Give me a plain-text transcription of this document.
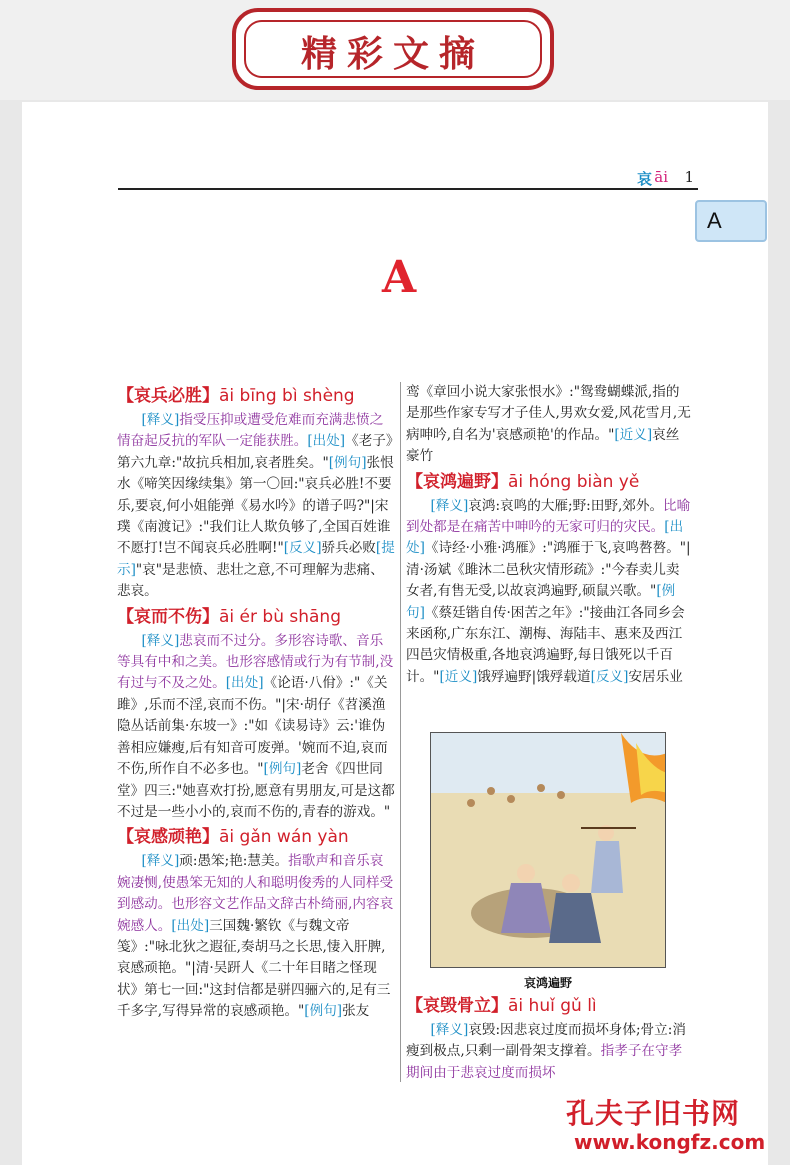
精彩文摘
哀 āi 1
A
A
【哀兵必胜】āi bīng bì shèng
[释义]指受压抑或遭受危难而充满悲愤之情奋起反抗的军队一定能获胜。[出处]《老子》第六九章:"故抗兵相加,哀者胜矣。"[例句]张恨水《啼笑因缘续集》第一〇回:"哀兵必胜!不要乐,要哀,何小姐能弹《易水吟》的谱子吗?"|宋璞《南渡记》:"我们让人欺负够了,全国百姓谁不愿打!岂不闻哀兵必胜啊!"[反义]骄兵必败[提示]"哀"是悲愤、悲壮之意,不可理解为悲痛、悲哀。
【哀而不伤】āi ér bù shāng
[释义]悲哀而不过分。多形容诗歌、音乐等具有中和之美。也形容感情或行为有节制,没有过与不及之处。[出处]《论语·八佾》:"《关雎》,乐而不淫,哀而不伤。"|宋·胡仔《苕溪渔隐丛话前集·东坡一》:"如《读易诗》云:'谁伪善相应嫌瘦,后有知音可废弹。'婉而不迫,哀而不伤,所作自不必多也。"[例句]老舍《四世同堂》四三:"她喜欢打扮,愿意有男朋友,可是这都不过是一些小小的,哀而不伤的,青春的游戏。"
【哀感顽艳】āi gǎn wán yàn
[释义]顽:愚笨;艳:慧美。指歌声和音乐哀婉凄恻,使愚笨无知的人和聪明俊秀的人同样受到感动。也形容文艺作品文辞古朴绮丽,内容哀婉感人。[出处]三国魏·繁钦《与魏文帝笺》:"咏北狄之遐征,奏胡马之长思,悽入肝脾,哀感顽艳。"|清·吴趼人《二十年目睹之怪现状》第七一回:"这封信都是骈四骊六的,足有三千多字,写得异常的哀感顽艳。"[例句]张友
鸾《章回小说大家张恨水》:"鸳鸯蝴蝶派,指的是那些作家专写才子佳人,男欢女爱,风花雪月,无病呻吟,自名为'哀感顽艳'的作品。"[近义]哀丝豪竹
【哀鸿遍野】āi hóng biàn yě
[释义]哀鸿:哀鸣的大雁;野:田野,郊外。比喻到处都是在痛苦中呻吟的无家可归的灾民。[出处]《诗经·小雅·鸿雁》:"鸿雁于飞,哀鸣嗸嗸。"|清·汤斌《雎沐二邑秋灾情形疏》:"今春卖儿卖女者,有售无受,以故哀鸿遍野,硕鼠兴歌。"[例句]《蔡廷锴自传·困苦之年》:"接曲江各同乡会来函称,广东东江、潮梅、海陆丰、惠来及西江四邑灾情极重,各地哀鸿遍野,每日饿死以千百计。"[近义]饿殍遍野|饿殍载道[反义]安居乐业
哀鸿遍野
【哀毁骨立】āi huǐ gǔ lì
[释义]哀毁:因悲哀过度而损坏身体;骨立:消瘦到极点,只剩一副骨架支撑着。指孝子在守孝期间由于悲哀过度而损坏
孔夫子旧书网
www.kongfz.com
